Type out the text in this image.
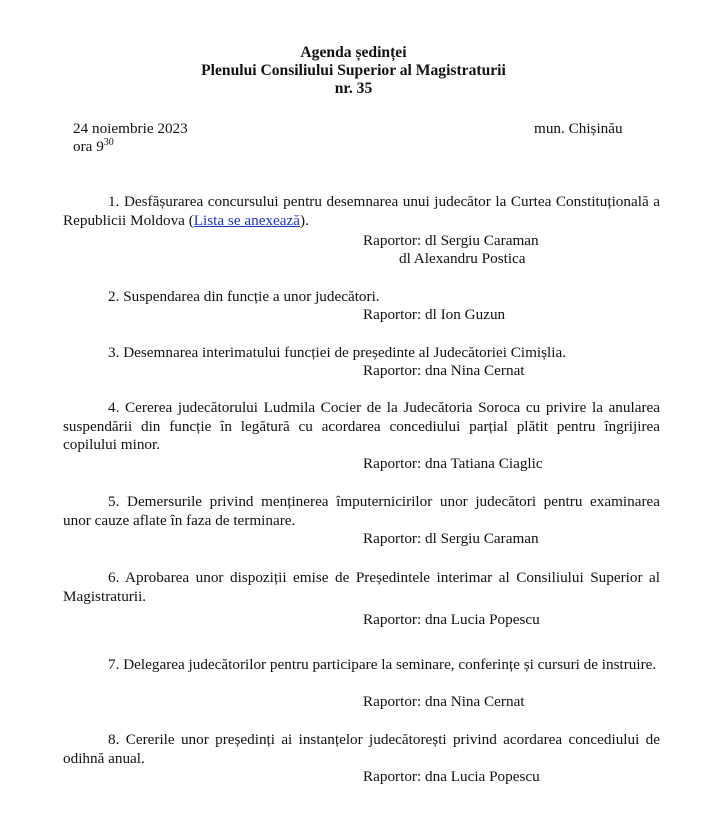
Agenda ședinței
Plenului Consiliului Superior al Magistraturii
nr. 35
24 noiembrie 2023
ora $9^{30}$
mun. Chișinău

1. Desfășurarea concursului pentru desemnarea unui judecător la Curtea Constituțională a Republicii Moldova (Lista se anexează).

Raportor: dl Sergiu Caraman
dl Alexandru Postica

2. Suspendarea din funcție a unor judecători.

Raportor: dl Ion Guzun

3. Desemnarea interimatului funcției de președinte al Judecătoriei Cimișlia.

Raportor: dna Nina Cernat

4. Cererea judecătorului Ludmila Cocier de la Judecătoria Soroca cu privire la anularea suspendării din funcție în legătură cu acordarea concediului parțial plătit pentru îngrijirea copilului minor.

Raportor: dna Tatiana Ciaglic

5. Demersurile privind menținerea împuternicirilor unor judecători pentru examinarea unor cauze aflate în faza de terminare.

Raportor: dl Sergiu Caraman

6. Aprobarea unor dispoziții emise de Președintele interimar al Consiliului Superior al Magistraturii.

Raportor: dna Lucia Popescu

7. Delegarea judecătorilor pentru participare la seminare, conferințe și cursuri de instruire.

Raportor: dna Nina Cernat

8. Cererile unor președinți ai instanțelor judecătorești privind acordarea concediului de odihnă anual.

Raportor: dna Lucia Popescu
